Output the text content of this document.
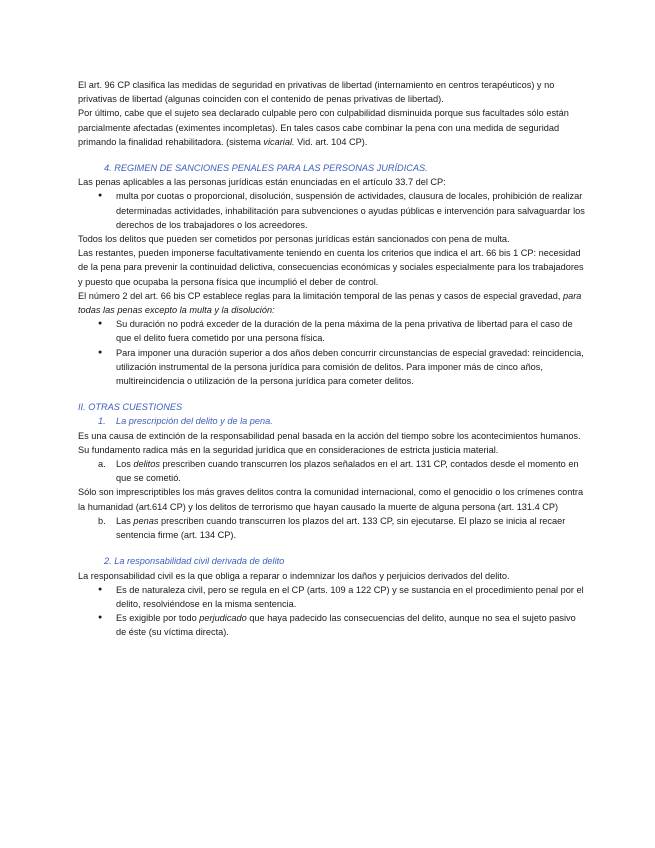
El art. 96 CP clasifica las medidas de seguridad en privativas de libertad (internamiento en centros terapéuticos) y no privativas de libertad (algunas coinciden con el contenido de penas privativas de libertad).

Por último, cabe que el sujeto sea declarado culpable pero con culpabilidad disminuida porque sus facultades sólo están parcialmente afectadas (eximentes incompletas). En tales casos cabe combinar la pena con una medida de seguridad primando la finalidad rehabilitadora. (sistema vicarial. Vid. art. 104 CP).

4. REGIMEN DE SANCIONES PENALES PARA LAS PERSONAS JURÍDICAS.

Las penas aplicables a las personas jurídicas están enunciadas en el artículo 33.7 del CP:

● multa por cuotas o proporcional, disolución, suspensión de actividades, clausura de locales, prohibición de realizar determinadas actividades, inhabilitación para subvenciones o ayudas públicas e intervención para salvaguardar los derechos de los trabajadores o los acreedores.

Todos los delitos que pueden ser cometidos por personas jurídicas están sancionados con pena de multa.

Las restantes, pueden imponerse facultativamente teniendo en cuenta los criterios que indica el art. 66 bis 1 CP: necesidad de la pena para prevenir la continuidad delictiva, consecuencias económicas y sociales especialmente para los trabajadores y puesto que ocupaba la persona física que incumplió el deber de control.

El número 2 del art. 66 bis CP establece reglas para la limitación temporal de las penas y casos de especial gravedad, para todas las penas excepto la multa y la disolución:

● Su duración no podrá exceder de la duración de la pena máxima de la pena privativa de libertad para el caso de que el delito fuera cometido por una persona física.
● Para imponer una duración superior a dos años deben concurrir circunstancias de especial gravedad: reincidencia, utilización instrumental de la persona jurídica para comisión de delitos. Para imponer más de cinco años, multireincidencia o utilización de la persona jurídica para cometer delitos.

II. OTRAS CUESTIONES

1.	La prescripción del delito y de la pena.

Es una causa de extinción de la responsabilidad penal basada en la acción del tiempo sobre los acontecimientos humanos. Su fundamento radica más en la seguridad jurídica que en consideraciones de estricta justicia material.

a. Los delitos prescriben cuando transcurren los plazos señalados en el art. 131 CP, contados desde el momento en que se cometió.

Sólo son imprescriptibles los más graves delitos contra la comunidad internacional, como el genocidio o los crímenes contra la humanidad (art.614 CP) y los delitos de terrorismo que hayan causado la muerte de alguna persona (art. 131.4 CP)

b. Las penas prescriben cuando transcurren los plazos del art. 133 CP, sin ejecutarse. El plazo se inicia al recaer sentencia firme (art. 134 CP).

2. La responsabilidad civil derivada de delito

La responsabilidad civil es la que obliga a reparar o indemnizar los daños y perjuicios derivados del delito.

● Es de naturaleza civil, pero se regula en el CP (arts. 109 a 122 CP) y se sustancia en el procedimiento penal por el delito, resolviéndose en la misma sentencia.
● Es exigible por todo perjudicado que haya padecido las consecuencias del delito, aunque no sea el sujeto pasivo de éste (su víctima directa).
